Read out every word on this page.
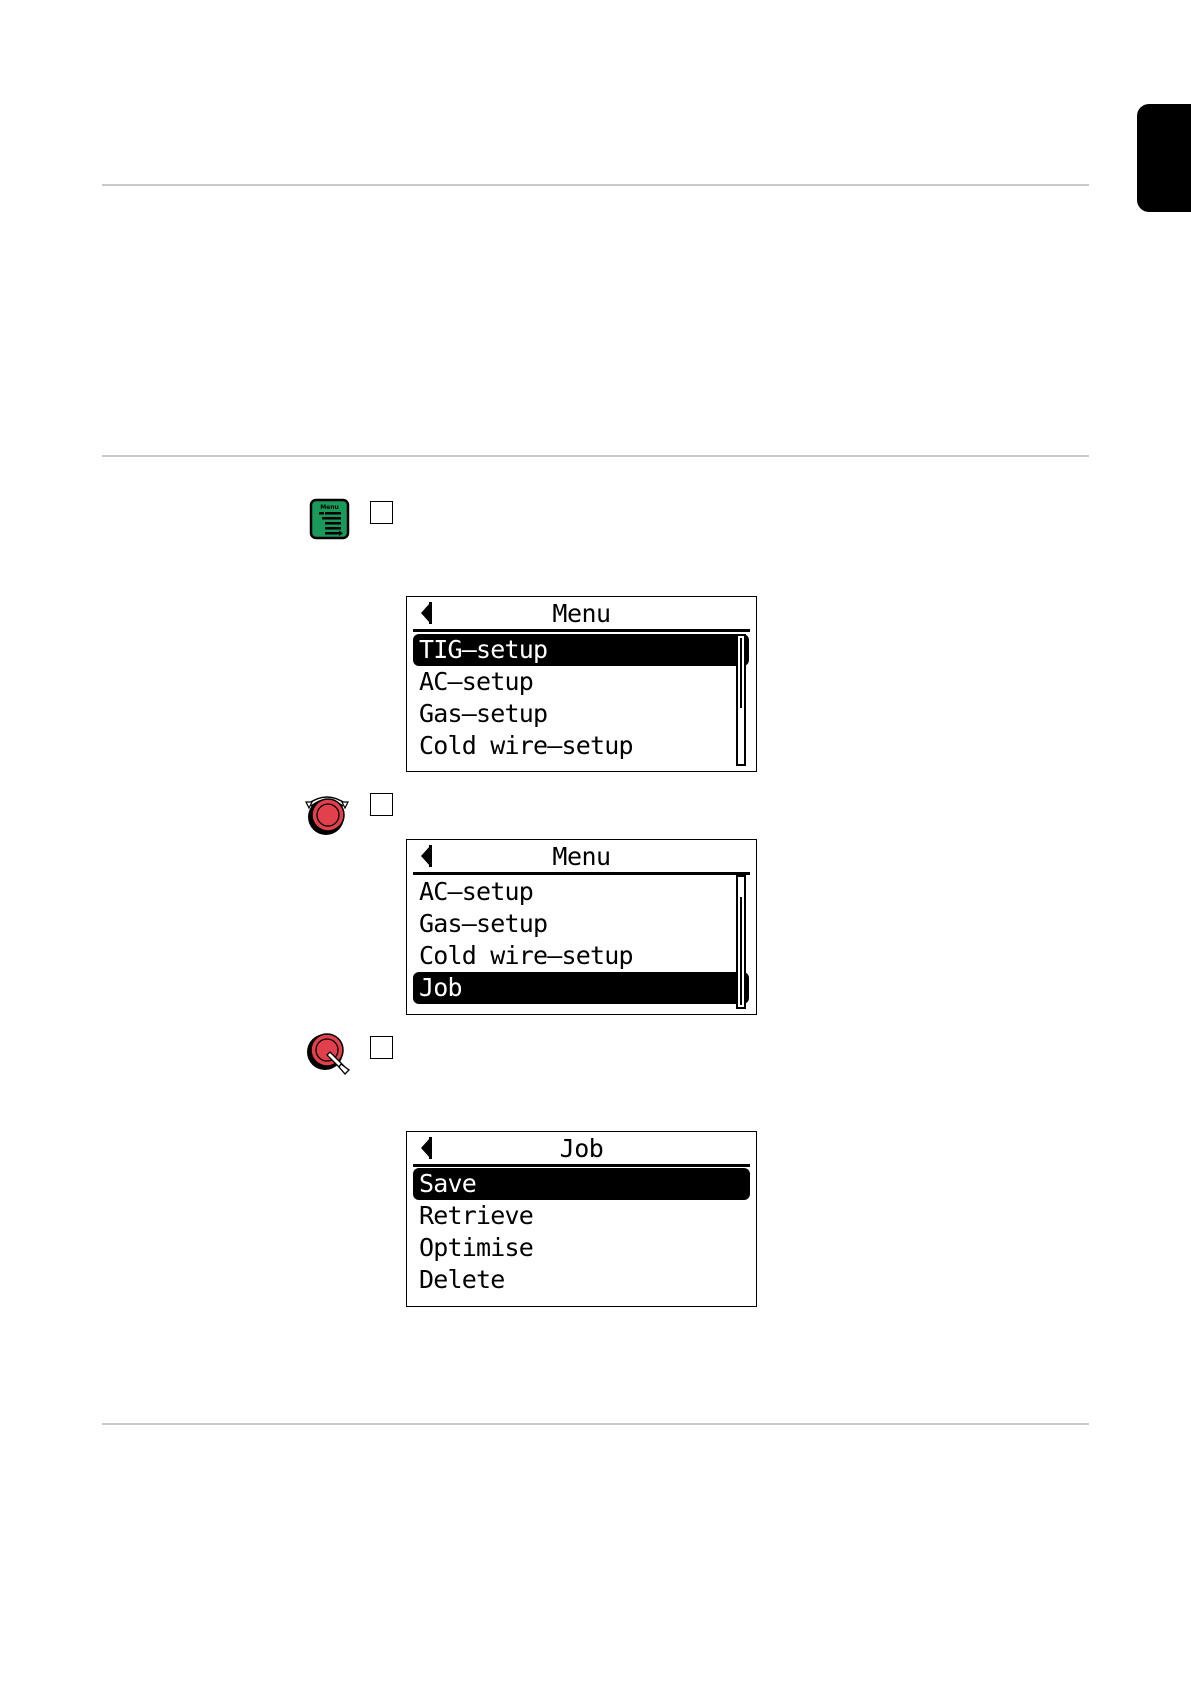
Menu
Menu
TIG–setup
AC–setup
Gas–setup
Cold wire–setup
Menu
AC–setup
Gas–setup
Cold wire–setup
Job
Job
Save
Retrieve
Optimise
Delete
